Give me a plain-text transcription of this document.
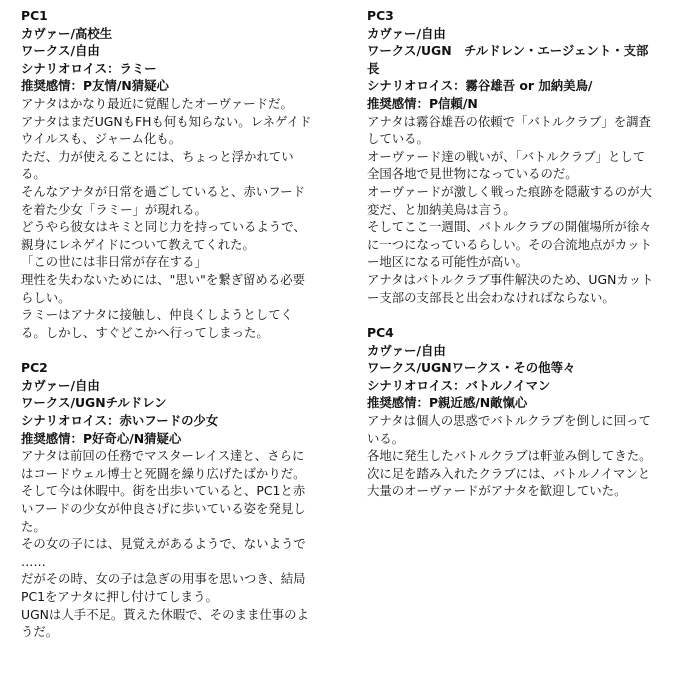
PC1
カヴァー/高校生
ワークス/自由
シナリオロイス：ラミー
推奨感情：P友情/N猜疑心
アナタはかなり最近に覚醒したオーヴァードだ。
アナタはまだUGNもFHも何も知らない。レネゲイド
ウイルスも、ジャーム化も。
ただ、力が使えることには、ちょっと浮かれてい
る。
そんなアナタが日常を過ごしていると、赤いフード
を着た少女「ラミー」が現れる。
どうやら彼女はキミと同じ力を持っているようで、
親身にレネゲイドについて教えてくれた。
「この世には非日常が存在する」
理性を失わないためには、"思い"を繋ぎ留める必要
らしい。
ラミーはアナタに接触し、仲良くしようとしてく
る。しかし、すぐどこかへ行ってしまった。
PC2
カヴァー/自由
ワークス/UGNチルドレン
シナリオロイス：赤いフードの少女
推奨感情：P好奇心/N猜疑心
アナタは前回の任務でマスターレイス達と、さらに
はコードウェル博士と死闘を繰り広げたばかりだ。
そして今は休暇中。街を出歩いていると、PC1と赤
いフードの少女が仲良さげに歩いている姿を発見し
た。
その女の子には、見覚えがあるようで、ないようで
……
だがその時、女の子は急ぎの用事を思いつき、結局
PC1をアナタに押し付けてしまう。
UGNは人手不足。貰えた休暇で、そのまま仕事のよ
うだ。
PC3
カヴァー/自由
ワークス/UGN　チルドレン・エージェント・支部
長
シナリオロイス：霧谷雄吾 or 加納美鳥/
推奨感情：P信頼/N
アナタは霧谷雄吾の依頼で「バトルクラブ」を調査
している。
オーヴァード達の戦いが、「バトルクラブ」として
全国各地で見世物になっているのだ。
オーヴァードが激しく戦った痕跡を隠蔽するのが大
変だ、と加納美鳥は言う。
そしてここ一週間、バトルクラブの開催場所が徐々
に一つになっているらしい。その合流地点がカット
ー地区になる可能性が高い。
アナタはバトルクラブ事件解決のため、UGNカット
ー支部の支部長と出会わなければならない。
PC4
カヴァー/自由
ワークス/UGNワークス・その他等々
シナリオロイス：バトルノイマン
推奨感情：P親近感/N敵愾心
アナタは個人の思惑でバトルクラブを倒しに回って
いる。
各地に発生したバトルクラブは軒並み倒してきた。
次に足を踏み入れたクラブには、バトルノイマンと
大量のオーヴァードがアナタを歓迎していた。
